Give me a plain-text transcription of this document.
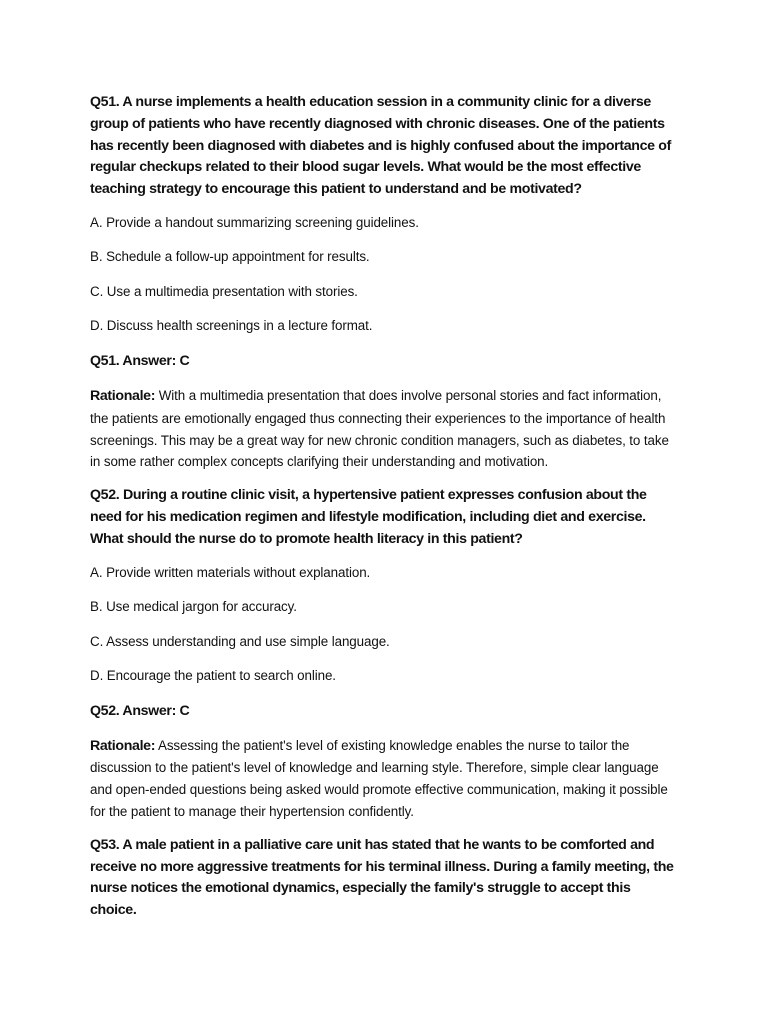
Q51. A nurse implements a health education session in a community clinic for a diverse group of patients who have recently diagnosed with chronic diseases. One of the patients has recently been diagnosed with diabetes and is highly confused about the importance of regular checkups related to their blood sugar levels. What would be the most effective teaching strategy to encourage this patient to understand and be motivated?

A. Provide a handout summarizing screening guidelines.

B. Schedule a follow-up appointment for results.

C. Use a multimedia presentation with stories.

D. Discuss health screenings in a lecture format.

Q51. Answer: C

Rationale: With a multimedia presentation that does involve personal stories and fact information, the patients are emotionally engaged thus connecting their experiences to the importance of health screenings. This may be a great way for new chronic condition managers, such as diabetes, to take in some rather complex concepts clarifying their understanding and motivation.

Q52. During a routine clinic visit, a hypertensive patient expresses confusion about the need for his medication regimen and lifestyle modification, including diet and exercise. What should the nurse do to promote health literacy in this patient?

A. Provide written materials without explanation.

B. Use medical jargon for accuracy.

C. Assess understanding and use simple language.

D. Encourage the patient to search online.

Q52. Answer: C

Rationale: Assessing the patient's level of existing knowledge enables the nurse to tailor the discussion to the patient's level of knowledge and learning style. Therefore, simple clear language and open-ended questions being asked would promote effective communication, making it possible for the patient to manage their hypertension confidently.

Q53. A male patient in a palliative care unit has stated that he wants to be comforted and receive no more aggressive treatments for his terminal illness. During a family meeting, the nurse notices the emotional dynamics, especially the family's struggle to accept this choice.
